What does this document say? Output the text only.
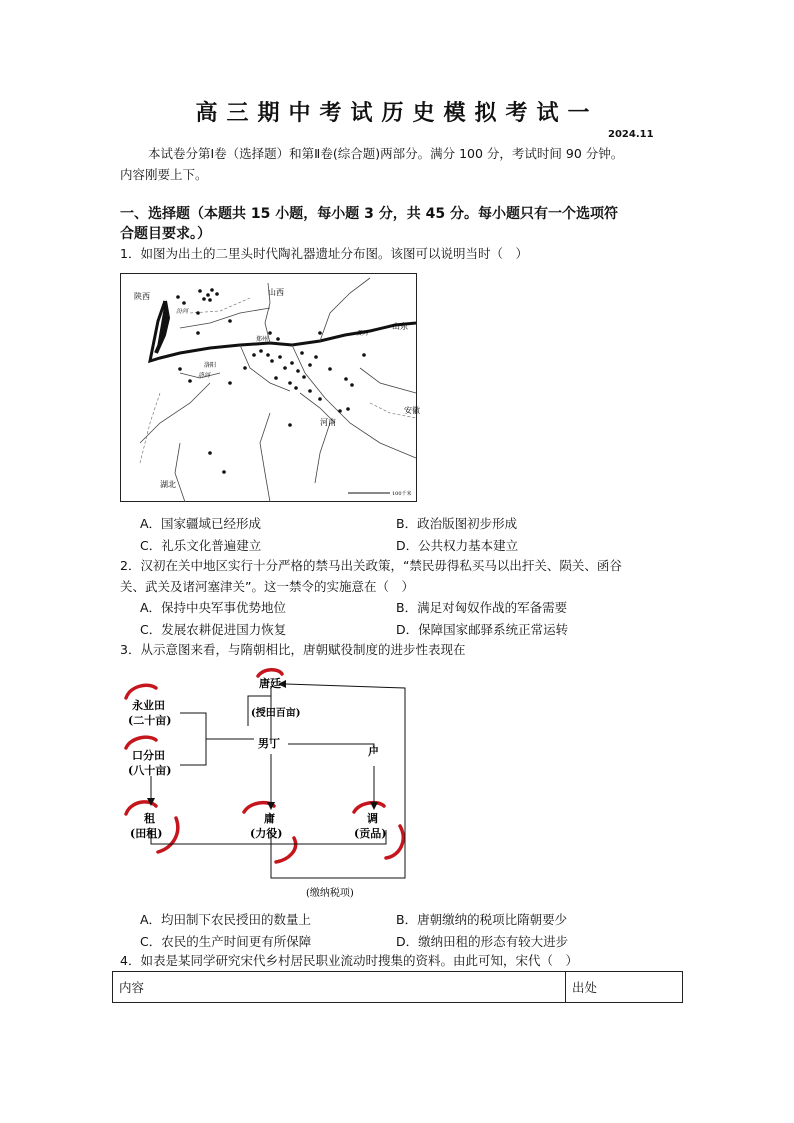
高三期中考试历史模拟考试一
2024.11
本试卷分第Ⅰ卷（选择题）和第Ⅱ卷(综合题)两部分。满分 100 分，考试时间 90 分钟。
内容刚要上下。
一、选择题（本题共 15 小题，每小题 3 分，共 45 分。每小题只有一个选项符
合题目要求。）
1．如图为出土的二里头时代陶礼器遗址分布图。该图可以说明当时（　）
陕西	山西
山东
河南
安徽
湖北
黄河
郑州
洛阳
洛河
汾河
100千米
A．国家疆域已经形成	B．政治版图初步形成
C．礼乐文化普遍建立	D．公共权力基本建立
2．汉初在关中地区实行十分严格的禁马出关政策，“禁民毋得私买马以出扞关、陨关、函谷
关、武关及诸河塞津关”。这一禁令的实施意在（　）
A．保持中央军事优势地位	B．满足对匈奴作战的军备需要
C．发展农耕促进国力恢复	D．保障国家邮驿系统正常运转
3．从示意图来看，与隋朝相比，唐朝赋役制度的进步性表现在
唐廷
(授田百亩)
永业田
(二十亩)
口分田
(八十亩)
男丁
户
租
(田租)
庸
(力役)
调
(贡品)
(缴纳税项)
A．均田制下农民授田的数量上	B．唐朝缴纳的税项比隋朝要少
C．农民的生产时间更有所保障	D．缴纳田租的形态有较大进步
4．如表是某同学研究宋代乡村居民职业流动时搜集的资料。由此可知，宋代（　）
内容	出处
